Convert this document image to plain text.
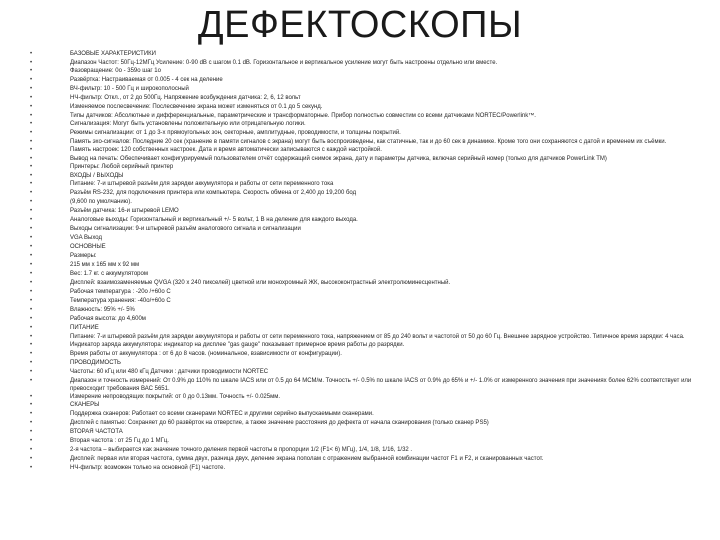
ДЕФЕКТОСКОПЫ
•	БАЗОВЫЕ ХАРАКТЕРИСТИКИ
•	Диапазон Частот: 50Гц-12МГц Усиление: 0-90 dB с шагом 0.1 dB. Горизонтальное и вертикальное усиление могут быть настроены отдельно или вместе.
•	Фазовращение: 0о - 359о шаг 1о
•	Развёртка: Настраиваемая от 0.005 - 4 сек на деление
•	ВЧ-фильтр: 10 - 500 Гц и широкополосный
•	НЧ-фильтр: Откл., от 2 до 500Гц. Напряжение возбуждения датчика: 2, 6, 12 вольт
•	Изменяемое послесвечение: Послесвечение экрана может изменяться от 0.1 до 5 секунд.
•	Типы датчиков: Абсолютные и дифференциальные, параметрические и трансформаторные. Прибор полностью совместим со всеми датчиками NORTEC/Powerlink™.
•	Сигнализация: Могут быть установлены положительную или отрицательную логики.
•	Режимы сигнализации: от 1 до 3-х прямоугольных зон, секторные, амплитудные, проводимости, и толщины покрытий.
•	Память эхо-сигналов: Последние 20 сек (хранение в памяти сигналов с экрана) могут быть воспроизведены, как статичные, так и до 60 сек в динамике. Кроме того они сохраняются с датой и временем их съёмки.
•	Память настроек: 120 собственных настроек. Дата и время автоматически записываются с каждой настройкой.
•	Вывод на печать: Обеспечивает конфигурируемый пользователем отчёт содержащий снимок экрана, дату и параметры датчика, включая серийный номер (только для датчиков PowerLink TM)
•	Принтеры: Любой серийный принтер
•	ВХОДЫ / ВЫХОДЫ
•	Питание: 7-и штыревой разъём для зарядки аккумулятора и работы от сети переменного тока
•	Разъём RS-232, для подключения принтера или компьютера. Скорость обмена от 2,400 до 19,200 бод
•	(9,600 по умолчанию).
•	Разъём датчика: 16-и штыревой LEMO
•	Аналоговые выходы: Горизонтальный и вертикальный +/- 5 вольт, 1 В на деление для каждого выхода.
•	Выходы сигнализации: 9-и штыревой разъём аналогового сигнала и сигнализации
•	VGA Выход
•	ОСНОВНЫЕ
•	Размеры:
•	215 мм х 165 мм х 92 мм
•	Вес: 1.7 кг. с аккумулятором
•	Дисплей: взаимозаменяемые QVGA (320 х 240 пикселей) цветной или монохромный ЖК, высококонтрастный электролюминесцентный.
•	Рабочая температура : -20о /+60о С
•	Температура хранения: -40о/+60о С
•	Влажность: 95% +/- 5%
•	Рабочая высота: до 4,600м
•	ПИТАНИЕ
•	Питание: 7-и штыревой разъём для зарядки аккумулятора и работы от сети переменного тока, напряжением от 85 до 240 вольт и частотой от 50 до 60 Гц. Внешнее зарядное устройство. Типичное время зарядки: 4 часа.
•	Индикатор заряда аккумулятора: индикатор на дисплее "gas gauge" показывает примерное время работы до разрядки.
•	Время работы от аккумулятора : от 6 до 8 часов. (номинальное, взависимости от конфигурации).
•	ПРОВОДИМОСТЬ
•	Частоты: 60 кГц или 480 кГц Датчики : датчики проводимости NORTEC
•	Диапазон и точность измерений: От 0.9% до 110% по шкале IACS или от 0.5 до 64 МСМ/м. Точность +/- 0.5% по шкале IACS от 0.9% до 65% и +/- 1.0% от измеренного значения при значениях более 62% соответствует или превосходит требования ВАС 5651.
•	Измерение непроводящих покрытий: от 0 до 0.13мм. Точность +/- 0.025мм.
•	СКАНЕРЫ
•	Поддержка сканеров: Работает со всеми сканерами NORTEC и другими серийно выпускаемыми сканерами.
•	Дисплей с памятью: Сохраняет до 60 развёрток на отверстие, а также значение расстояния до дефекта от начала сканирования (только сканер PS5)
•	ВТОРАЯ ЧАСТОТА
•	Вторая частота : от 25 Гц до 1 МГц.
•	2-я частота – выбирается как значение точного деления первой частоты в пропорции 1/2 (F1< 6) МГц), 1/4, 1/8, 1/16, 1/32 .
•	Дисплей: первая или вторая частота, сумма двух, разница двух, деление экрана пополам с отражением выбранной комбинации частот F1 и F2, и сканированных частот.
•	НЧ-фильтр: возможен только на основной (F1) частоте.
